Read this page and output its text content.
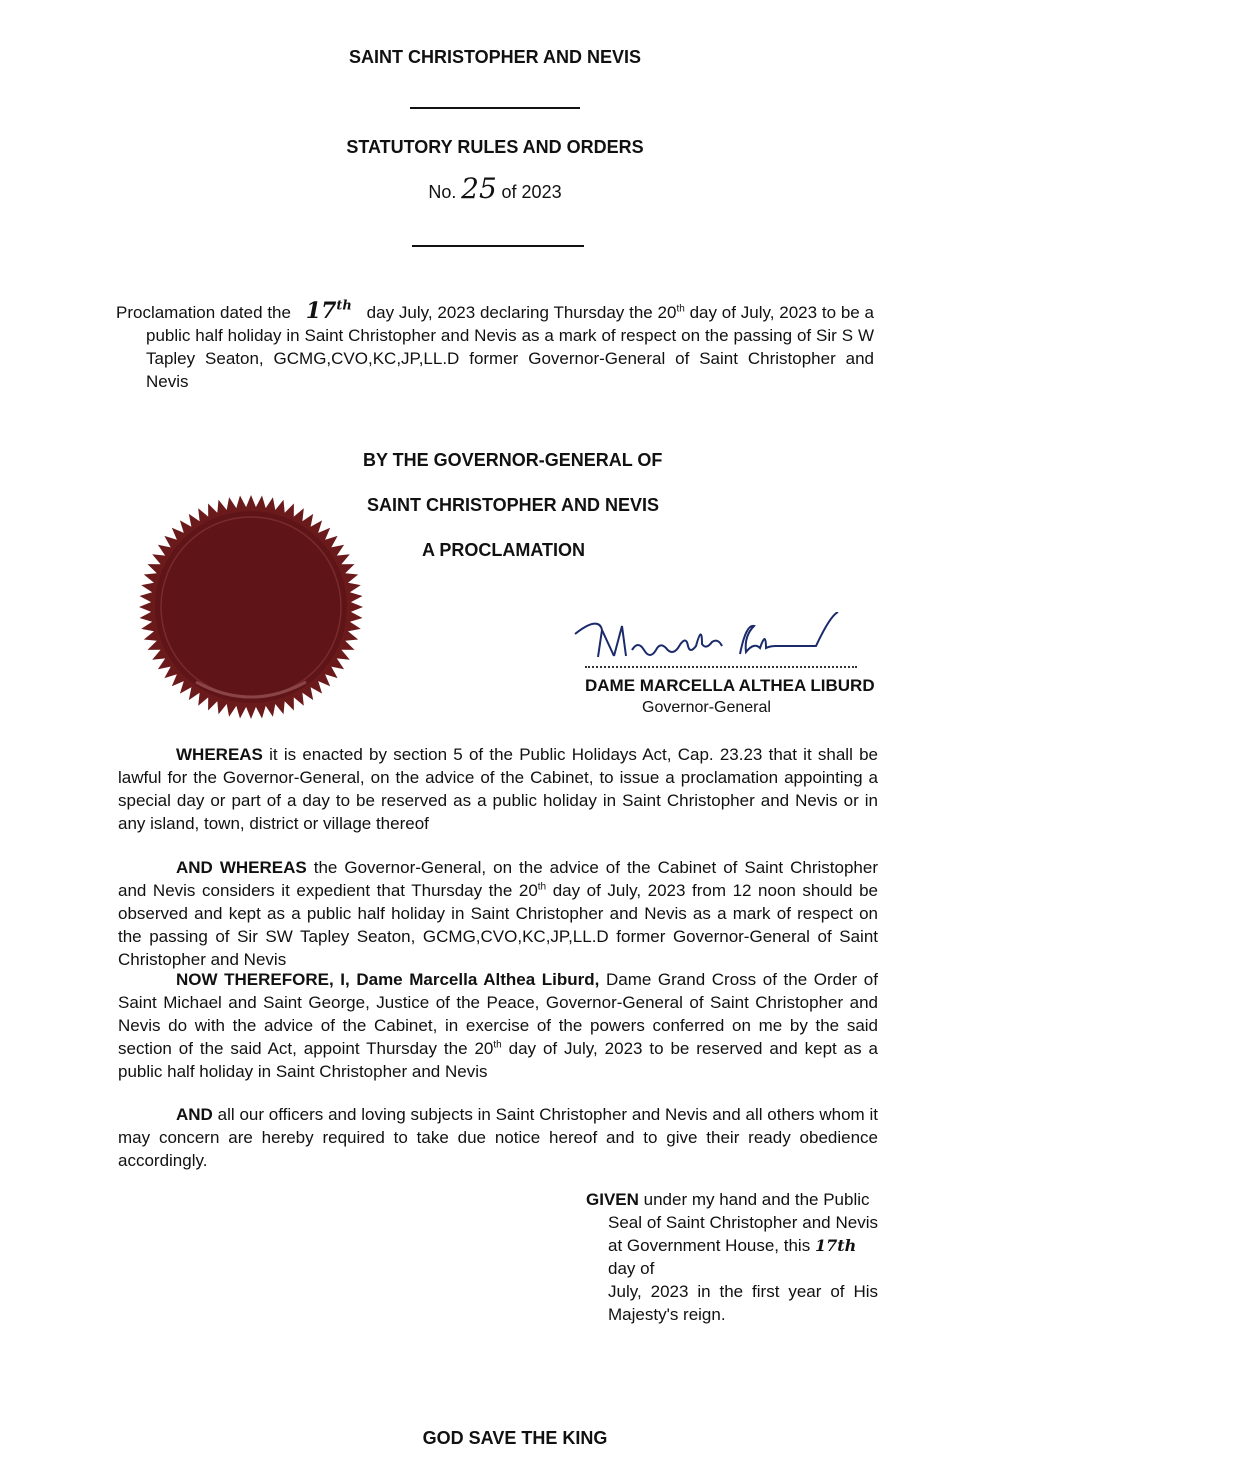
SAINT CHRISTOPHER AND NEVIS
STATUTORY RULES AND ORDERS
No. 25 of 2023

Proclamation dated the 17th day July, 2023 declaring Thursday the 20th day of July, 2023 to be a public half holiday in Saint Christopher and Nevis as a mark of respect on the passing of Sir S W Tapley Seaton, GCMG,CVO,KC,JP,LL.D former Governor-General of Saint Christopher and Nevis

BY THE GOVERNOR-GENERAL OF
SAINT CHRISTOPHER AND NEVIS
A PROCLAMATION
DAME MARCELLA ALTHEA LIBURD
Governor-General

WHEREAS it is enacted by section 5 of the Public Holidays Act, Cap. 23.23 that it shall be lawful for the Governor-General, on the advice of the Cabinet, to issue a proclamation appointing a special day or part of a day to be reserved as a public holiday in Saint Christopher and Nevis or in any island, town, district or village thereof

AND WHEREAS the Governor-General, on the advice of the Cabinet of Saint Christopher and Nevis considers it expedient that Thursday the 20th day of July, 2023 from 12 noon should be observed and kept as a public half holiday in Saint Christopher and Nevis as a mark of respect on the passing of Sir SW Tapley Seaton, GCMG,CVO,KC,JP,LL.D former Governor-General of Saint Christopher and Nevis

NOW THEREFORE, I, Dame Marcella Althea Liburd, Dame Grand Cross of the Order of Saint Michael and Saint George, Justice of the Peace, Governor-General of Saint Christopher and Nevis do with the advice of the Cabinet, in exercise of the powers conferred on me by the said section of the said Act, appoint Thursday the 20th day of July, 2023 to be reserved and kept as a public half holiday in Saint Christopher and Nevis

AND all our officers and loving subjects in Saint Christopher and Nevis and all others whom it may concern are hereby required to take due notice hereof and to give their ready obedience accordingly.

GIVEN under my hand and the Public
Seal of Saint Christopher and Nevis
at Government House, this 17th day of
July, 2023 in the first year of His
Majesty's reign.
GOD SAVE THE KING
